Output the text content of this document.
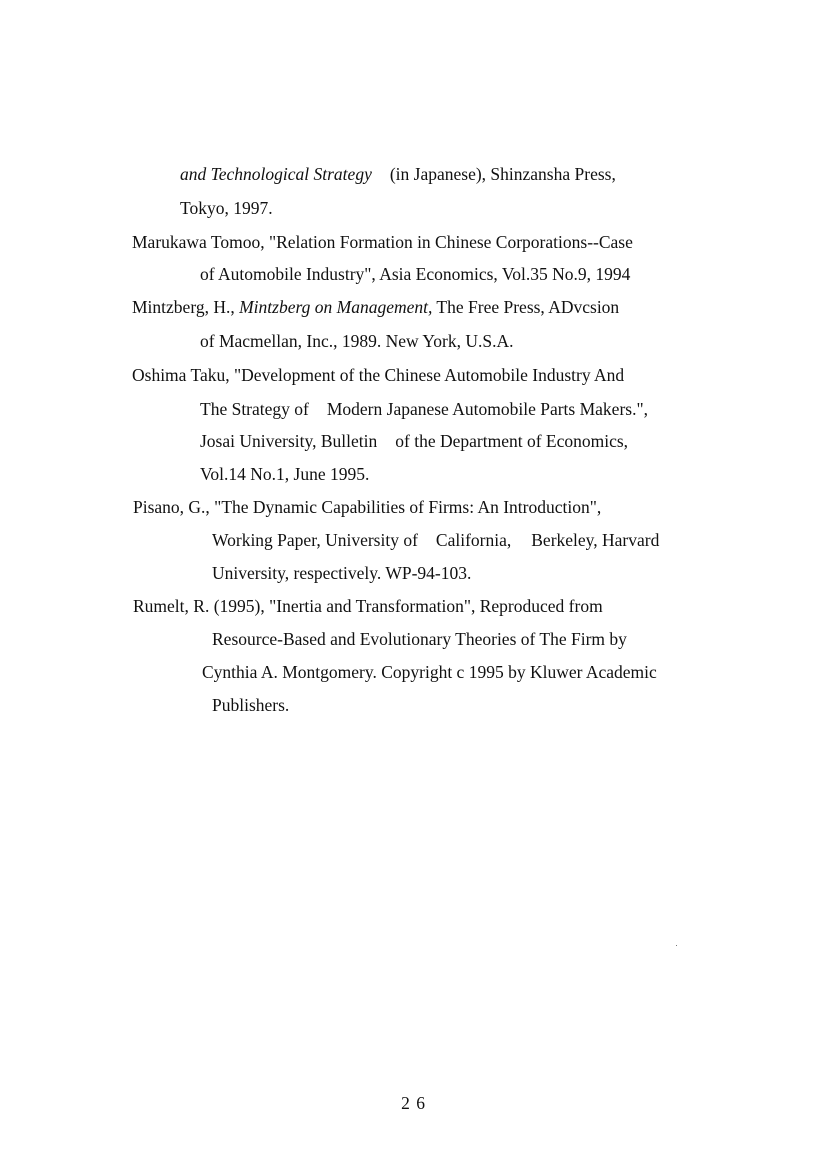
and Technological Strategy (in Japanese), Shinzansha Press,
Tokyo, 1997.
Marukawa Tomoo, "Relation Formation in Chinese Corporations--Case
of Automobile Industry", Asia Economics, Vol.35 No.9, 1994
Mintzberg, H., Mintzberg on Management, The Free Press, ADvcsion
of Macmellan, Inc., 1989. New York, U.S.A.
Oshima Taku, "Development of the Chinese Automobile Industry And
The Strategy of Modern Japanese Automobile Parts Makers.",
Josai University, Bulletin of the Department of Economics,
Vol.14 No.1, June 1995.
Pisano, G., "The Dynamic Capabilities of Firms: An Introduction",
Working Paper, University of California, Berkeley, Harvard
University, respectively. WP-94-103.
Rumelt, R. (1995), "Inertia and Transformation", Reproduced from
Resource-Based and Evolutionary Theories of The Firm by
Cynthia A. Montgomery. Copyright c 1995 by Kluwer Academic
Publishers.
2 6
